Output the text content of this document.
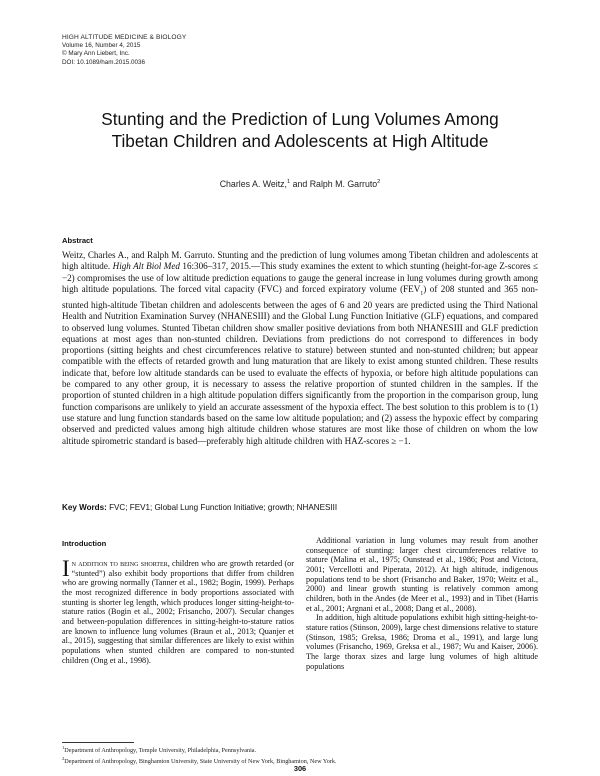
HIGH ALTITUDE MEDICINE & BIOLOGY
Volume 16, Number 4, 2015
© Mary Ann Liebert, Inc.
DOI: 10.1089/ham.2015.0036
Stunting and the Prediction of Lung Volumes Among
Tibetan Children and Adolescents at High Altitude
Charles A. Weitz,$^1$ and Ralph M. Garruto$^2$
Abstract
Weitz, Charles A., and Ralph M. Garruto. Stunting and the prediction of lung volumes among Tibetan children and adolescents at high altitude. High Alt Biol Med 16:306–317, 2015.—This study examines the extent to which stunting (height-for-age Z-scores ≤ −2) compromises the use of low altitude prediction equations to gauge the general increase in lung volumes during growth among high altitude populations. The forced vital capacity (FVC) and forced expiratory volume $(FEV_1)$ of 208 stunted and 365 non-stunted high-altitude Tibetan children and adolescents between the ages of 6 and 20 years are predicted using the Third National Health and Nutrition Examination Survey (NHANESIII) and the Global Lung Function Initiative (GLF) equations, and compared to observed lung volumes. Stunted Tibetan children show smaller positive deviations from both NHANESIII and GLF prediction equations at most ages than non-stunted children. Deviations from predictions do not correspond to differences in body proportions (sitting heights and chest circumferences relative to stature) between stunted and non-stunted children; but appear compatible with the effects of retarded growth and lung maturation that are likely to exist among stunted children. These results indicate that, before low altitude standards can be used to evaluate the effects of hypoxia, or before high altitude populations can be compared to any other group, it is necessary to assess the relative proportion of stunted children in the samples. If the proportion of stunted children in a high altitude population differs significantly from the proportion in the comparison group, lung function comparisons are unlikely to yield an accurate assessment of the hypoxia effect. The best solution to this problem is to (1) use stature and lung function standards based on the same low altitude population; and (2) assess the hypoxic effect by comparing observed and predicted values among high altitude children whose statures are most like those of children on whom the low altitude spirometric standard is based—preferably high altitude children with HAZ-scores ≥ −1.
Key Words: FVC; FEV1; Global Lung Function Initiative; growth; NHANESIII
Introduction

In addition to being shorter, children who are growth retarded (or “stunted”) also exhibit body proportions that differ from children who are growing normally (Tanner et al., 1982; Bogin, 1999). Perhaps the most recognized difference in body proportions associated with stunting is shorter leg length, which produces longer sitting-height-to-stature ratios (Bogin et al., 2002; Frisancho, 2007). Secular changes and between-population differences in sitting-height-to-stature ratios are known to influence lung volumes (Braun et al., 2013; Quanjer et al., 2015), suggesting that similar differences are likely to exist within populations when stunted children are compared to non-stunted children (Ong et al., 1998).

Additional variation in lung volumes may result from another consequence of stunting: larger chest circumferences relative to stature (Malina et al., 1975; Ounstead et al., 1986; Post and Victora, 2001; Vercellotti and Piperata, 2012). At high altitude, indigenous populations tend to be short (Frisancho and Baker, 1970; Weitz et al., 2000) and linear growth stunting is relatively common among children, both in the Andes (de Meer et al., 1993) and in Tibet (Harris et al., 2001; Argnani et al., 2008; Dang et al., 2008).

In addition, high altitude populations exhibit high sitting-height-to-stature ratios (Stinson, 2009), large chest dimensions relative to stature (Stinson, 1985; Greksa, 1986; Droma et al., 1991), and large lung volumes (Frisancho, 1969, Greksa et al., 1987; Wu and Kaiser, 2006). The large thorax sizes and large lung volumes of high altitude populations

$^1$Department of Anthropology, Temple University, Philadelphia, Pennsylvania.
$^2$Department of Anthropology, Binghamton University, State University of New York, Binghamton, New York.
306
